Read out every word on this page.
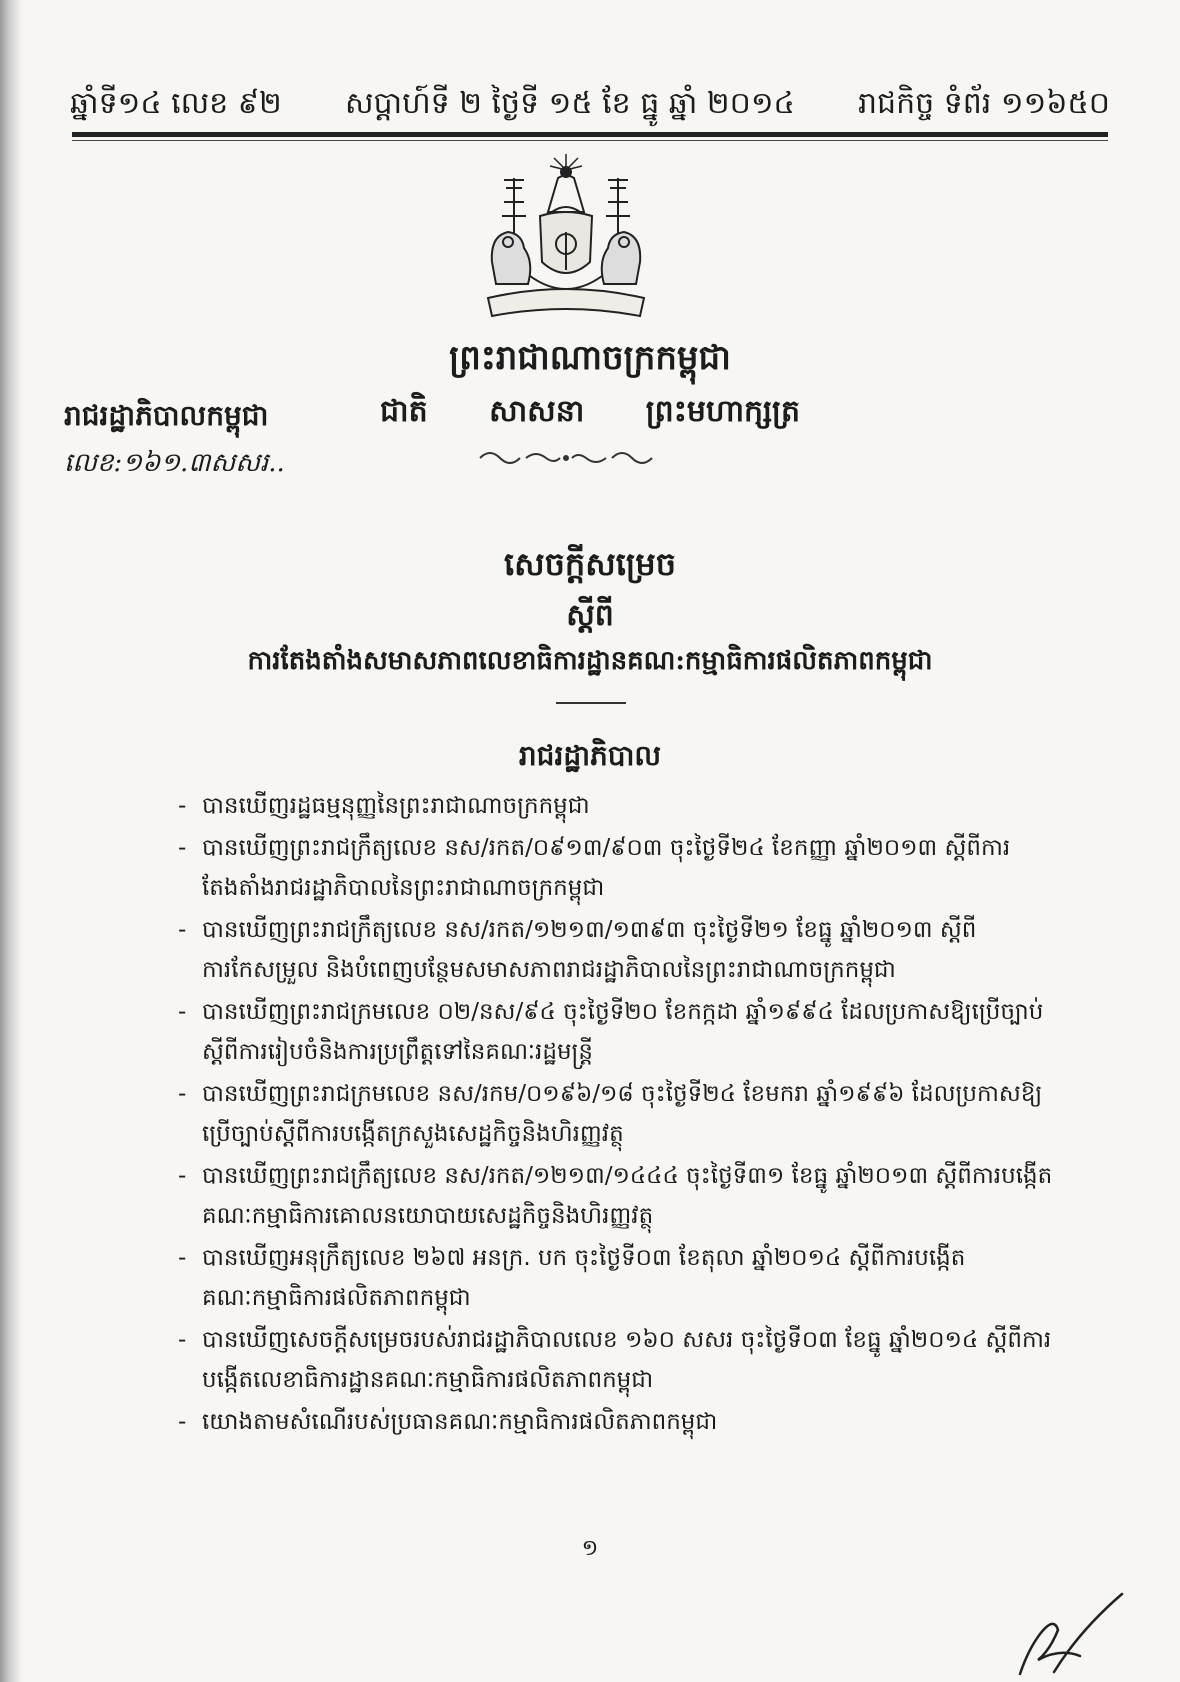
ឆ្នាំទី១៤ លេខ ៩២ សប្តាហ៍ទី ២ ថ្ងៃទី ១៥ ខែ ធ្នូ ឆ្នាំ ២០១៤ រាជកិច្ច ទំព័រ ១១៦៥០
ព្រះរាជាណាចក្រកម្ពុជា
ជាតិ សាសនា ព្រះមហាក្សត្រ
រាជរដ្ឋាភិបាលកម្ពុជា
លេខ:១៦១.៣សសរ..
សេចក្តីសម្រេច
ស្តីពី
ការតែងតាំងសមាសភាពលេខាធិការដ្ឋានគណ:កម្មាធិការផលិតភាពកម្ពុជា
រាជរដ្ឋាភិបាល
- បានឃើញរដ្ឋធម្មនុញ្ញនៃព្រះរាជាណាចក្រកម្ពុជា
- បានឃើញព្រះរាជក្រឹត្យលេខ នស/រកត/០៩១៣/៩០៣ ចុះថ្ងៃទី២៤ ខែកញ្ញា ឆ្នាំ២០១៣ ស្តីពីការតែងតាំងរាជរដ្ឋាភិបាលនៃព្រះរាជាណាចក្រកម្ពុជា
- បានឃើញព្រះរាជក្រឹត្យលេខ នស/រកត/១២១៣/១៣៩៣ ចុះថ្ងៃទី២១ ខែធ្នូ ឆ្នាំ២០១៣ ស្តីពីការកែសម្រួល និងបំពេញបន្ថែមសមាសភាពរាជរដ្ឋាភិបាលនៃព្រះរាជាណាចក្រកម្ពុជា
- បានឃើញព្រះរាជក្រមលេខ ០២/នស/៩៤ ចុះថ្ងៃទី២០ ខែកក្កដា ឆ្នាំ១៩៩៤ ដែលប្រកាសឱ្យប្រើច្បាប់ស្តីពីការរៀបចំនិងការប្រព្រឹត្តទៅនៃគណៈរដ្ឋមន្ត្រី
- បានឃើញព្រះរាជក្រមលេខ នស/រកម/០១៩៦/១៨ ចុះថ្ងៃទី២៤ ខែមករា ឆ្នាំ១៩៩៦ ដែលប្រកាសឱ្យប្រើច្បាប់ស្តីពីការបង្កើតក្រសួងសេដ្ឋកិច្ចនិងហិរញ្ញវត្ថុ
- បានឃើញព្រះរាជក្រឹត្យលេខ នស/រកត/១២១៣/១៤៤៤ ចុះថ្ងៃទី៣១ ខែធ្នូ ឆ្នាំ២០១៣ ស្តីពីការបង្កើតគណៈកម្មាធិការគោលនយោបាយសេដ្ឋកិច្ចនិងហិរញ្ញវត្ថុ
- បានឃើញអនុក្រឹត្យលេខ ២៦៧ អនក្រ. បក ចុះថ្ងៃទី០៣ ខែតុលា ឆ្នាំ២០១៤ ស្តីពីការបង្កើតគណៈកម្មាធិការផលិតភាពកម្ពុជា
- បានឃើញសេចក្តីសម្រេចរបស់រាជរដ្ឋាភិបាលលេខ ១៦០ សសរ ចុះថ្ងៃទី០៣ ខែធ្នូ ឆ្នាំ២០១៤ ស្តីពីការបង្កើតលេខាធិការដ្ឋានគណៈកម្មាធិការផលិតភាពកម្ពុជា
- យោងតាមសំណើរបស់ប្រធានគណៈកម្មាធិការផលិតភាពកម្ពុជា
១
